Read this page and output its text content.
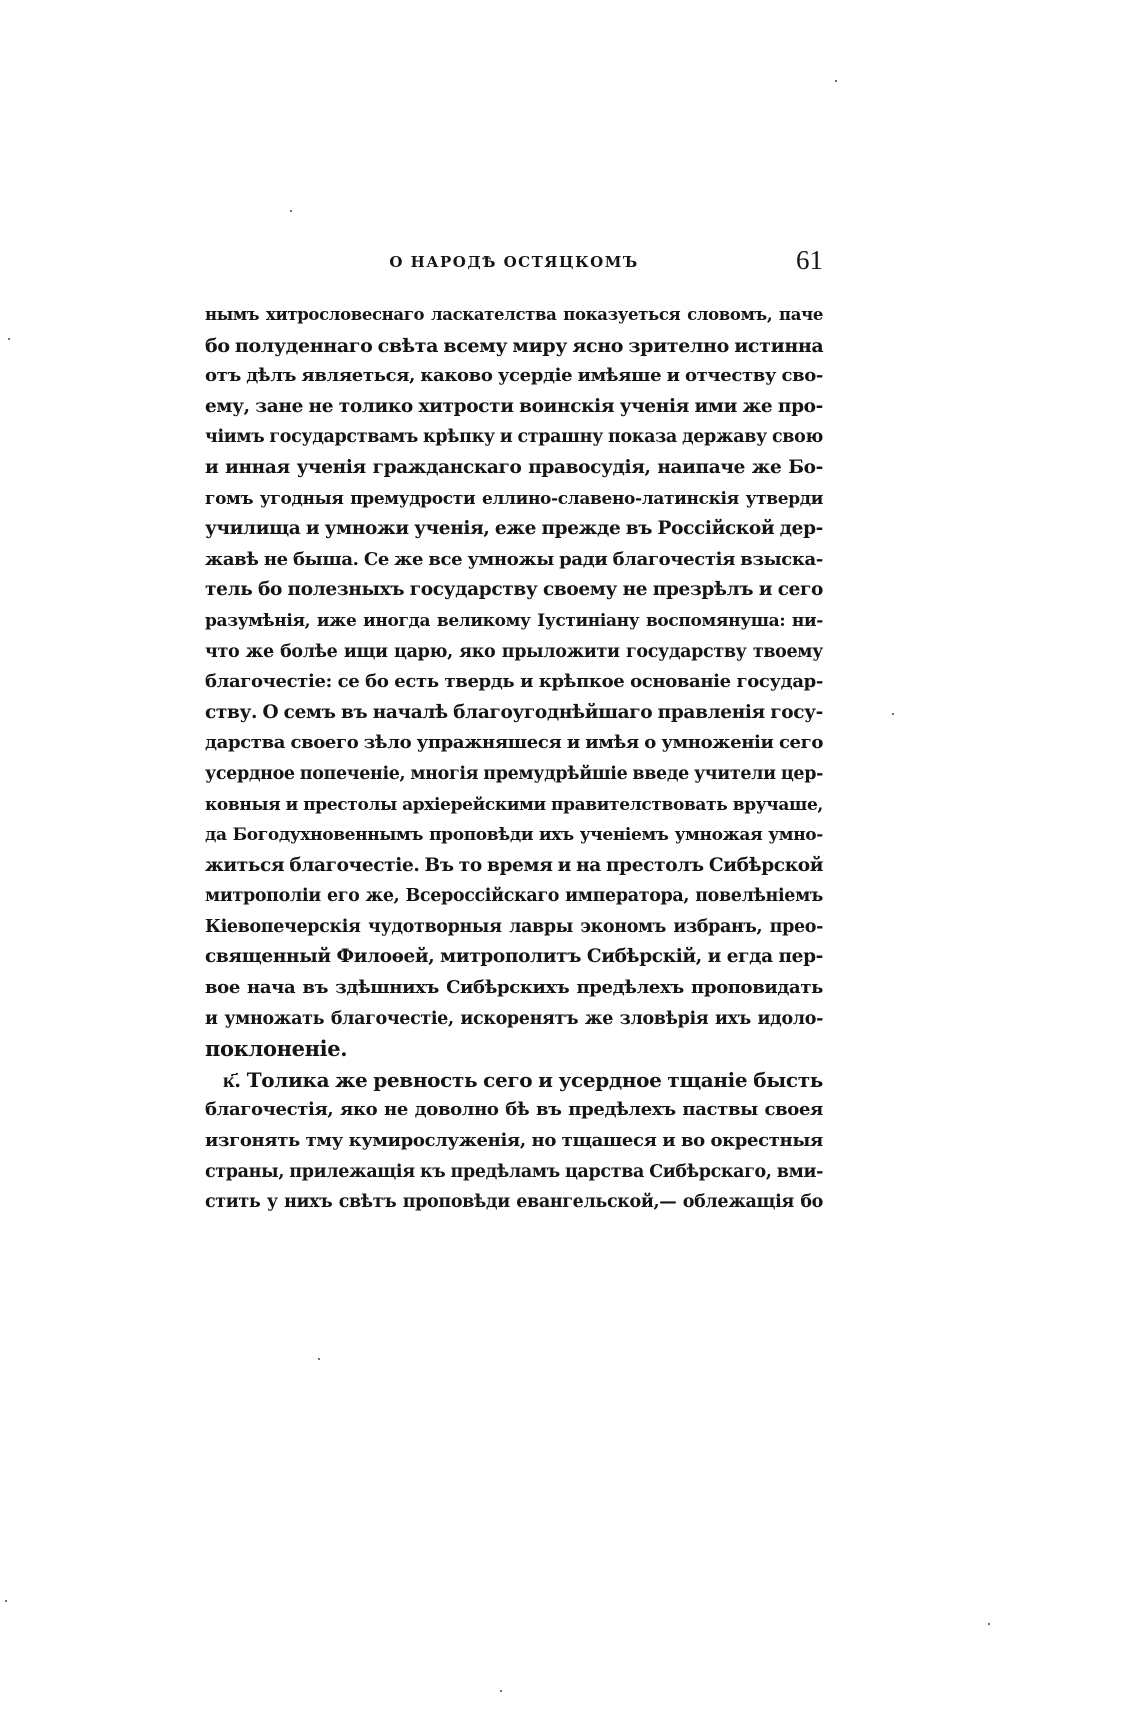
О НАРОДѢ ОСТЯЦКОМЪ	61
нымъ хитрословеснаго ласкателства показуеться словомъ, паче
бо полуденнаго свѣта всему миру ясно зрително истинна
отъ дѣлъ являеться, каково усердіе имѣяше и отчеству сво-
ему, зане не толико хитрости воинскія ученія ими же про-
чіимъ государствамъ крѣпку и страшну показа державу свою
и инная ученія гражданскаго правосудія, наипаче же Бо-
гомъ угодныя премудрости еллино-славено-латинскія утверди
училища и умножи ученія, еже прежде въ Россійской дер-
жавѣ не быша. Се же все умножы ради благочестія взыска-
тель бо полезныхъ государству своему не презрѣлъ и сего
разумѣнія, иже иногда великому Іустиніану воспомянуша: ни-
что же болѣе ищи царю, яко прыложити государству твоему
благочестіе: се бо есть твердь и крѣпкое основаніе государ-
ству. О семъ въ началѣ благоугоднѣйшаго правленія госу-
дарства своего зѣло упражняшеся и имѣя о умноженіи сего
усердное попеченіе, многія премудрѣйшіе введе учители цер-
ковныя и престолы архіерейскими правителствовать вручаше,
да Богодухновеннымъ проповѣди ихъ ученіемъ умножая умно-
житься благочестіе. Въ то время и на престолъ Сибѣрской
митрополіи его же, Всероссійскаго императора, повелѣніемъ
Кіевопечерскія чудотворныя лавры экономъ избранъ, прео-
священный Филоѳей, митрополитъ Сибѣрскій, и егда пер-
вое нача въ здѣшнихъ Сибѣрскихъ предѣлехъ проповидать
и умножать благочестіе, искоренятъ же зловѣрія ихъ идоло-
поклоненіе.
к҃. Толика же ревность сего и усердное тщаніе бысть
благочестія, яко не доволно бѣ въ предѣлехъ паствы своея
изгонять тму кумирослуженія, но тщашеся и во окрестныя
страны, прилежащія къ предѣламъ царства Сибѣрскаго, вми-
стить у нихъ свѣтъ проповѣди евангельской,— облежащія бо
